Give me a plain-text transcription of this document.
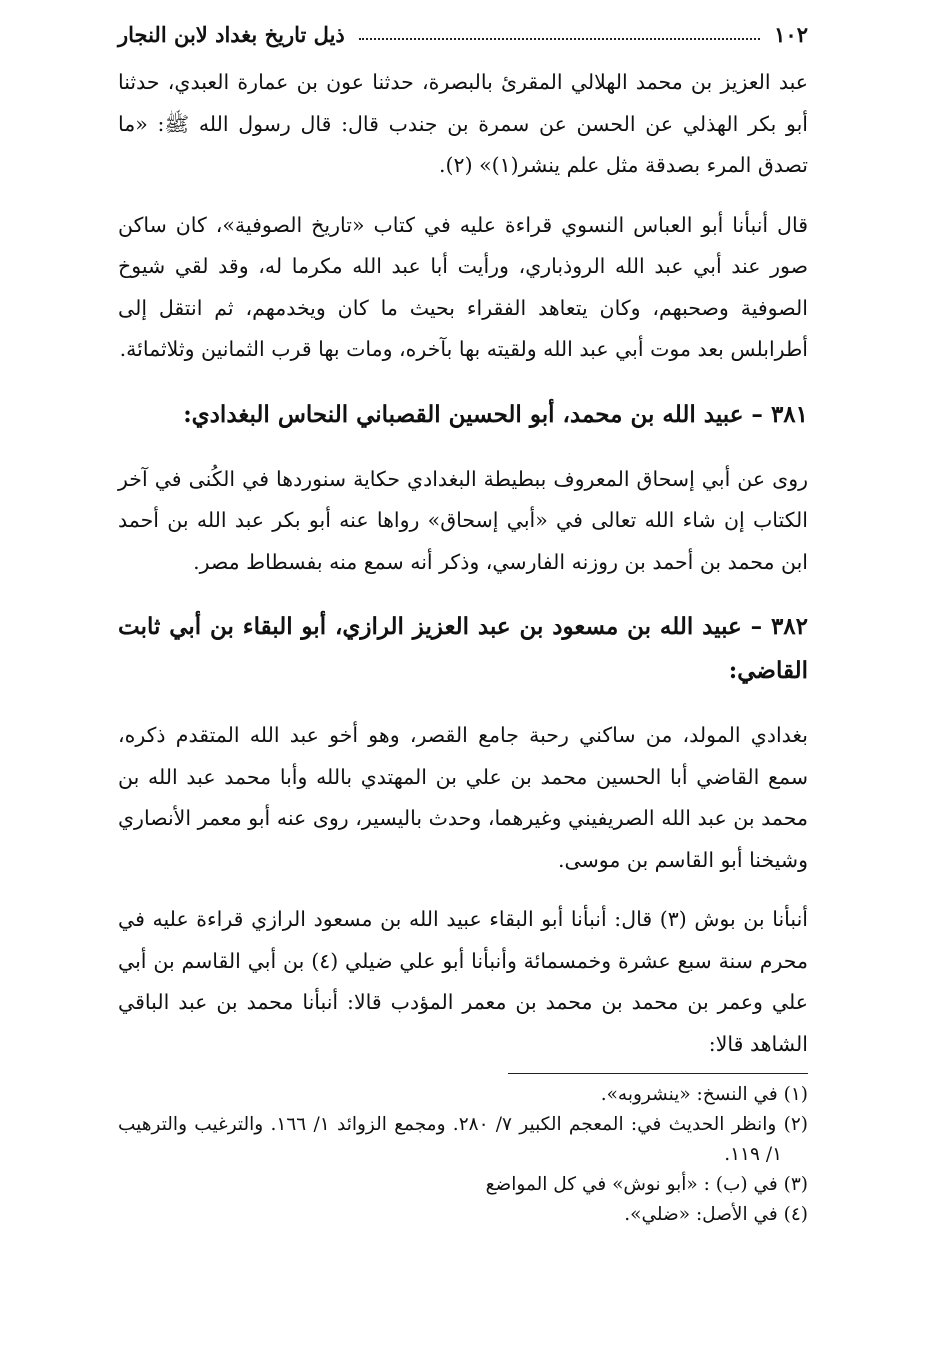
١٠٢
ذيل تاريخ بغداد لابن النجار

عبد العزيز بن محمد الهلالي المقرئ بالبصرة، حدثنا عون بن عمارة العبدي، حدثنا أبو بكر الهذلي عن الحسن عن سمرة بن جندب قال: قال رسول الله ﷺ: «ما تصدق المرء بصدقة مثل علم ينشر(١)» (٢).

قال أنبأنا أبو العباس النسوي قراءة عليه في كتاب «تاريخ الصوفية»، كان ساكن صور عند أبي عبد الله الروذباري، ورأيت أبا عبد الله مكرما له، وقد لقي شيوخ الصوفية وصحبهم، وكان يتعاهد الفقراء بحيث ما كان ويخدمهم، ثم انتقل إلى أطرابلس بعد موت أبي عبد الله ولقيته بها بآخره، ومات بها قرب الثمانين وثلاثمائة.

٣٨١ – عبيد الله بن محمد، أبو الحسين القصباني النحاس البغدادي:

روى عن أبي إسحاق المعروف ببطيطة البغدادي حكاية سنوردها في الكُنى في آخر الكتاب إن شاء الله تعالى في «أبي إسحاق» رواها عنه أبو بكر عبد الله بن أحمد ابن محمد بن أحمد بن روزنه الفارسي، وذكر أنه سمع منه بفسطاط مصر.

٣٨٢ – عبيد الله بن مسعود بن عبد العزيز الرازي، أبو البقاء بن أبي ثابت القاضي:

بغدادي المولد، من ساكني رحبة جامع القصر، وهو أخو عبد الله المتقدم ذكره، سمع القاضي أبا الحسين محمد بن علي بن المهتدي بالله وأبا محمد عبد الله بن محمد بن عبد الله الصريفيني وغيرهما، وحدث باليسير، روى عنه أبو معمر الأنصاري وشيخنا أبو القاسم بن موسى.

أنبأنا بن بوش (٣) قال: أنبأنا أبو البقاء عبيد الله بن مسعود الرازي قراءة عليه في محرم سنة سبع عشرة وخمسمائة وأنبأنا أبو علي ضيلي (٤) بن أبي القاسم بن أبي علي وعمر بن محمد بن محمد بن معمر المؤدب قالا: أنبأنا محمد بن عبد الباقي الشاهد قالا:

(١) في النسخ: «ينشروبه».

(٢) وانظر الحديث في: المعجم الكبير ٧/ ٢٨٠. ومجمع الزوائد ١/ ١٦٦. والترغيب والترهيب ١/ ١١٩.

(٣) في (ب) : «أبو نوش» في كل المواضع

(٤) في الأصل: «ضلي».
